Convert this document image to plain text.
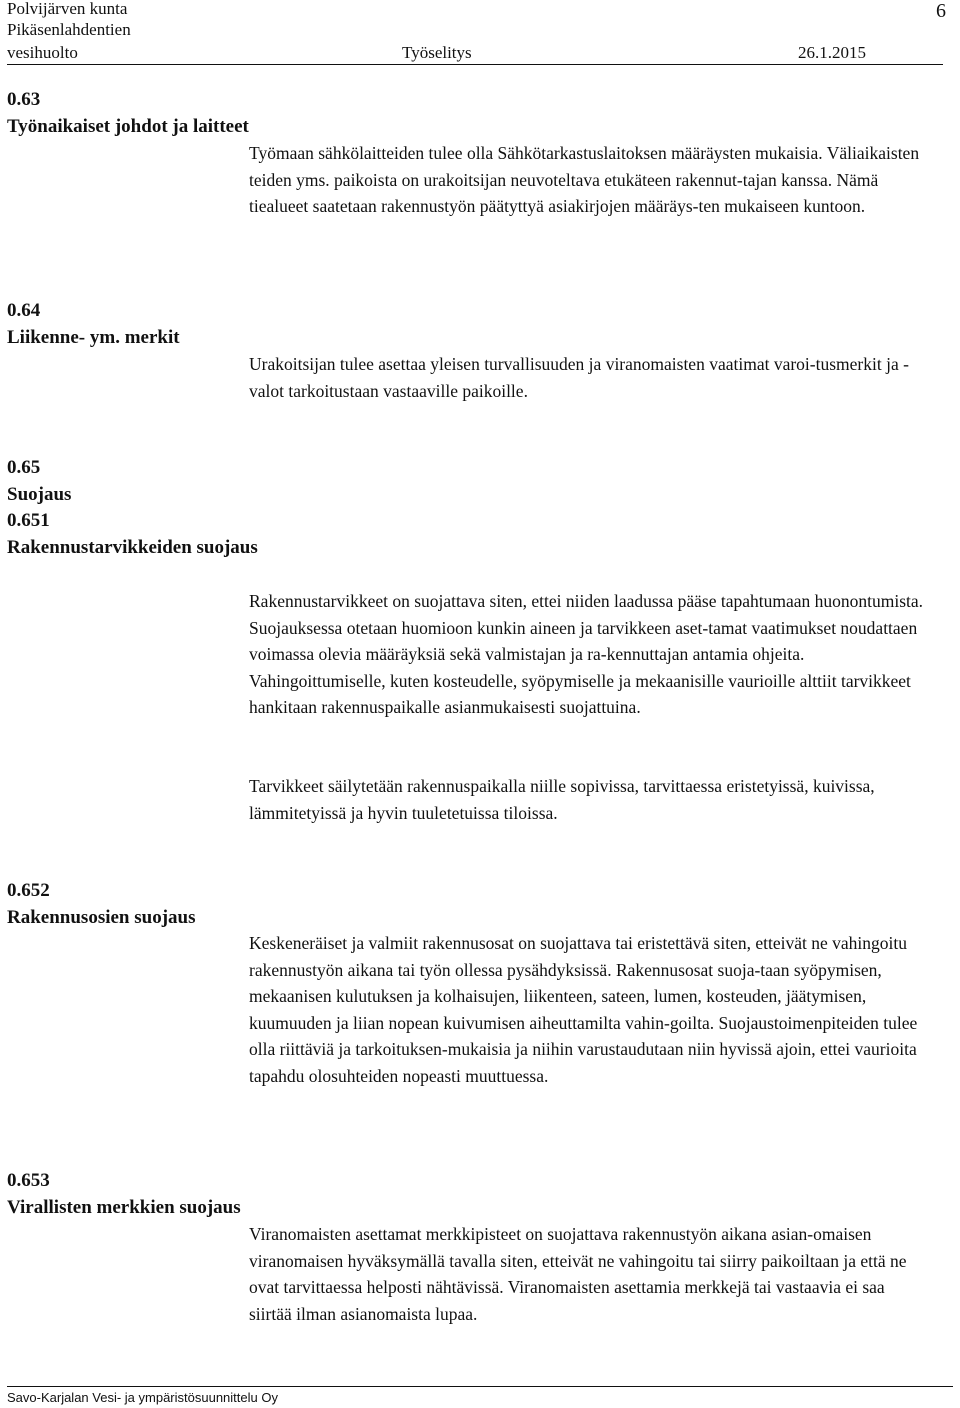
Polvijärven kunta
Pikäsenlahdentien
6
vesihuolto	Työselitys	26.1.2015
0.63
Työnaikaiset johdot ja laitteet

Työmaan sähkölaitteiden tulee olla Sähkötarkastuslaitoksen määräysten mukaisia. Väliaikaisten teiden yms. paikoista on urakoitsijan neuvoteltava etukäteen rakennut-tajan kanssa. Nämä tiealueet saatetaan rakennustyön päätyttyä asiakirjojen määräys-ten mukaiseen kuntoon.

0.64
Liikenne- ym. merkit

Urakoitsijan tulee asettaa yleisen turvallisuuden ja viranomaisten vaatimat varoi-tusmerkit ja -valot tarkoitustaan vastaaville paikoille.

0.65
Suojaus
0.651
Rakennustarvikkeiden suojaus

Rakennustarvikkeet on suojattava siten, ettei niiden laadussa pääse tapahtumaan huonontumista. Suojauksessa otetaan huomioon kunkin aineen ja tarvikkeen aset-tamat vaatimukset noudattaen voimassa olevia määräyksiä sekä valmistajan ja ra-kennuttajan antamia ohjeita. Vahingoittumiselle, kuten kosteudelle, syöpymiselle ja mekaanisille vaurioille alttiit tarvikkeet hankitaan rakennuspaikalle asianmukaisesti suojattuina.

Tarvikkeet säilytetään rakennuspaikalla niille sopivissa, tarvittaessa eristetyissä, kuivissa, lämmitetyissä ja hyvin tuuletetuissa tiloissa.

0.652
Rakennusosien suojaus

Keskeneräiset ja valmiit rakennusosat on suojattava tai eristettävä siten, etteivät ne vahingoitu rakennustyön aikana tai työn ollessa pysähdyksissä. Rakennusosat suoja-taan syöpymisen, mekaanisen kulutuksen ja kolhaisujen, liikenteen, sateen, lumen, kosteuden, jäätymisen, kuumuuden ja liian nopean kuivumisen aiheuttamilta vahin-goilta. Suojaustoimenpiteiden tulee olla riittäviä ja tarkoituksen-mukaisia ja niihin varustaudutaan niin hyvissä ajoin, ettei vaurioita tapahdu olosuhteiden nopeasti muuttuessa.

0.653
Virallisten merkkien suojaus

Viranomaisten asettamat merkkipisteet on suojattava rakennustyön aikana asian-omaisen viranomaisen hyväksymällä tavalla siten, etteivät ne vahingoitu tai siirry paikoiltaan ja että ne ovat tarvittaessa helposti nähtävissä. Viranomaisten asettamia merkkejä tai vastaavia ei saa siirtää ilman asianomaista lupaa.

Savo-Karjalan Vesi- ja ympäristösuunnittelu Oy
